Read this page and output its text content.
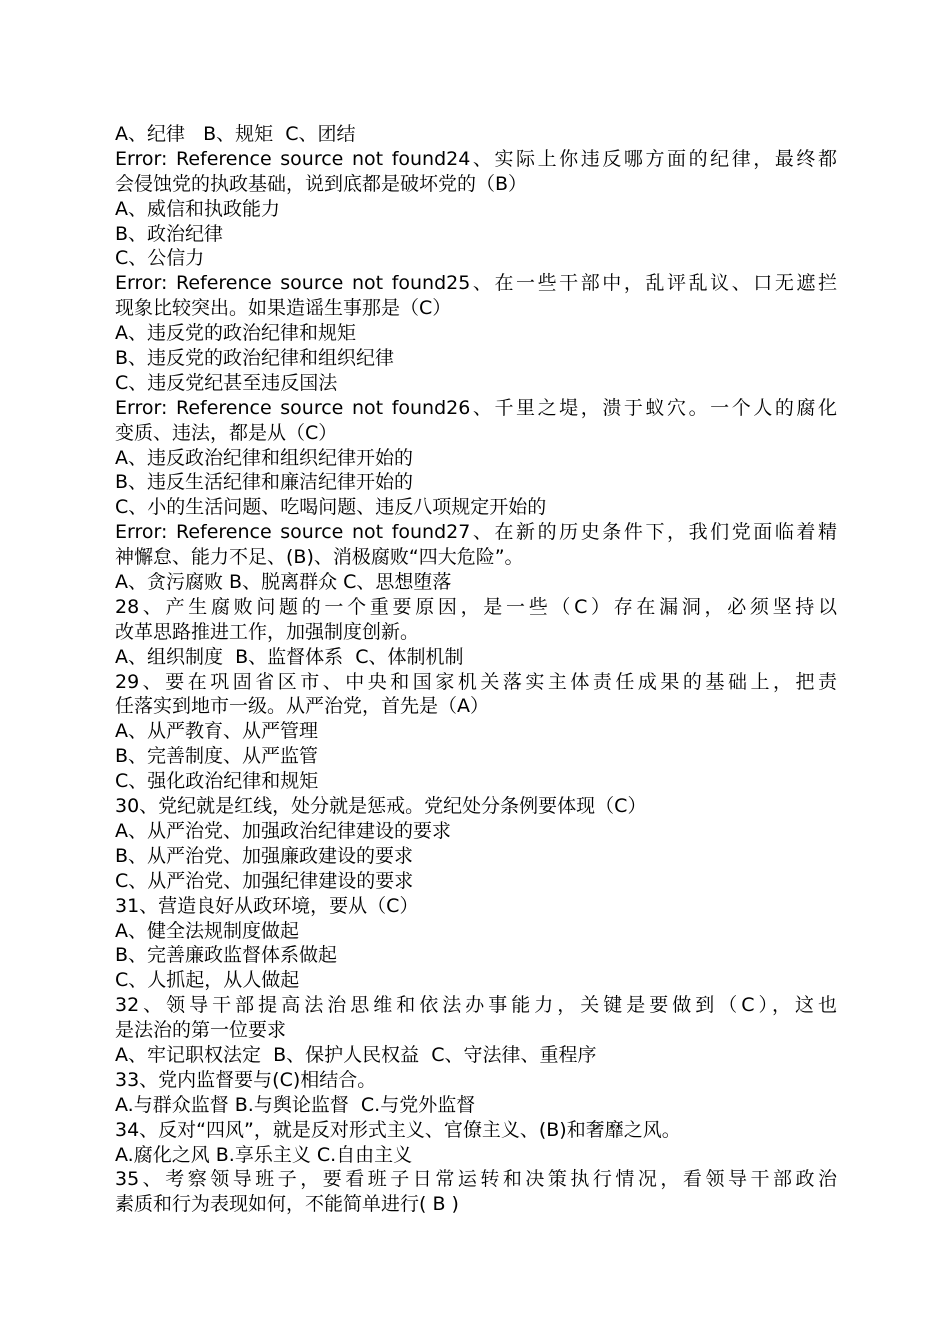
A、纪律   B、规矩  C、团结
Error: Reference source not found24、实际上你违反哪方面的纪律，最终都
会侵蚀党的执政基础，说到底都是破坏党的（B）
A、威信和执政能力
B、政治纪律
C、公信力
Error: Reference source not found25、在一些干部中，乱评乱议、口无遮拦
现象比较突出。如果造谣生事那是（C）
A、违反党的政治纪律和规矩
B、违反党的政治纪律和组织纪律
C、违反党纪甚至违反国法
Error: Reference source not found26、千里之堤，溃于蚁穴。一个人的腐化
变质、违法，都是从（C）
A、违反政治纪律和组织纪律开始的
B、违反生活纪律和廉洁纪律开始的
C、小的生活问题、吃喝问题、违反八项规定开始的
Error: Reference source not found27、在新的历史条件下，我们党面临着精
神懈怠、能力不足、(B)、消极腐败“四大危险”。
A、贪污腐败 B、脱离群众 C、思想堕落
28、产生腐败问题的一个重要原因，是一些（C）存在漏洞，必须坚持以
改革思路推进工作，加强制度创新。
A、组织制度  B、监督体系  C、体制机制
29、要在巩固省区市、中央和国家机关落实主体责任成果的基础上，把责
任落实到地市一级。从严治党，首先是（A）
A、从严教育、从严管理
B、完善制度、从严监管
C、强化政治纪律和规矩
30、党纪就是红线，处分就是惩戒。党纪处分条例要体现（C）
A、从严治党、加强政治纪律建设的要求
B、从严治党、加强廉政建设的要求
C、从严治党、加强纪律建设的要求
31、营造良好从政环境，要从（C）
A、健全法规制度做起
B、完善廉政监督体系做起
C、人抓起，从人做起
32、领导干部提高法治思维和依法办事能力，关键是要做到（C），这也
是法治的第一位要求
A、牢记职权法定  B、保护人民权益  C、守法律、重程序
33、党内监督要与(C)相结合。
A.与群众监督 B.与舆论监督  C.与党外监督
34、反对“四风”，就是反对形式主义、官僚主义、(B)和奢靡之风。
A.腐化之风 B.享乐主义 C.自由主义
35、考察领导班子，要看班子日常运转和决策执行情况，看领导干部政治
素质和行为表现如何，不能简单进行( B )
